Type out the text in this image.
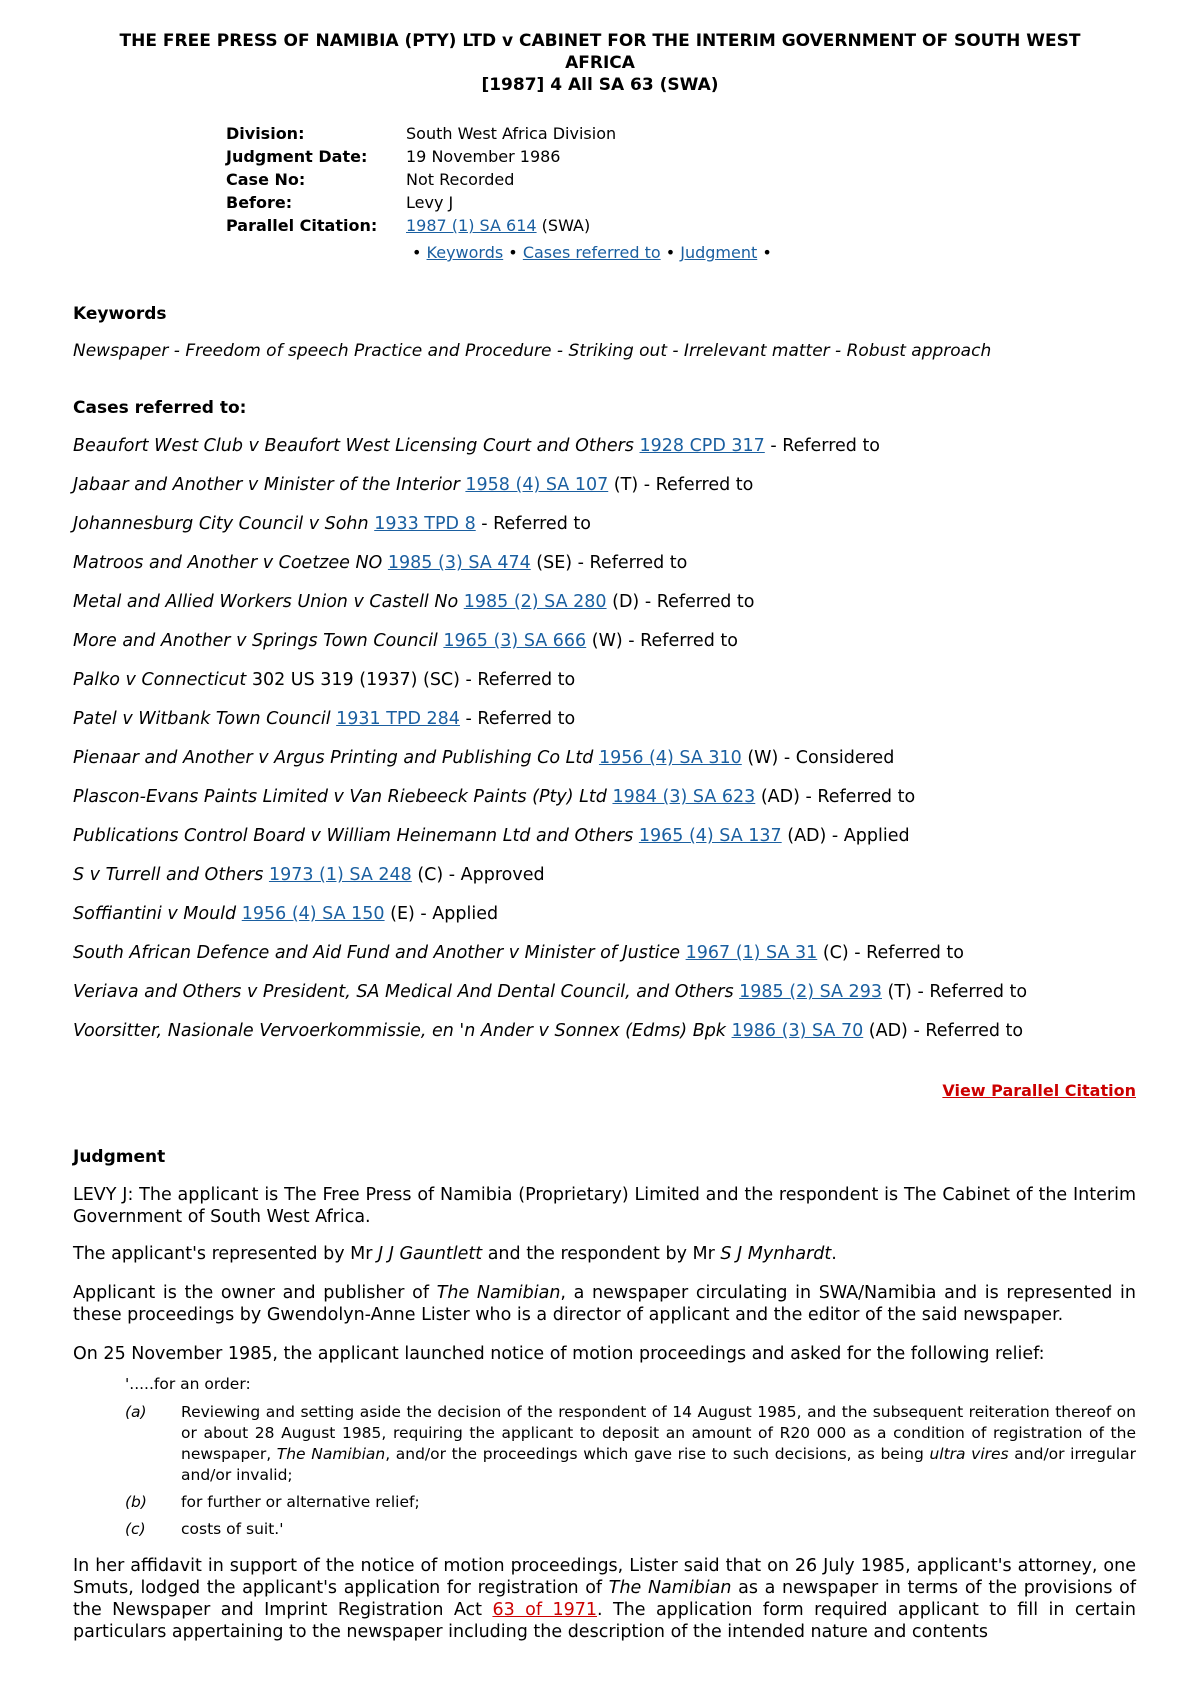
THE FREE PRESS OF NAMIBIA (PTY) LTD v CABINET FOR THE INTERIM GOVERNMENT OF SOUTH WEST
AFRICA
[1987] 4 All SA 63 (SWA)
Division:	South West Africa Division
Judgment Date:	19 November 1986
Case No:	Not Recorded
Before:	Levy J
Parallel Citation:	1987 (1) SA 614 (SWA)
• Keywords • Cases referred to • Judgment •
Keywords
Newspaper - Freedom of speech Practice and Procedure - Striking out - Irrelevant matter - Robust approach
Cases referred to:
Beaufort West Club v Beaufort West Licensing Court and Others 1928 CPD 317 - Referred to
Jabaar and Another v Minister of the Interior 1958 (4) SA 107 (T) - Referred to
Johannesburg City Council v Sohn 1933 TPD 8 - Referred to
Matroos and Another v Coetzee NO 1985 (3) SA 474 (SE) - Referred to
Metal and Allied Workers Union v Castell No 1985 (2) SA 280 (D) - Referred to
More and Another v Springs Town Council 1965 (3) SA 666 (W) - Referred to
Palko v Connecticut 302 US 319 (1937) (SC) - Referred to
Patel v Witbank Town Council 1931 TPD 284 - Referred to
Pienaar and Another v Argus Printing and Publishing Co Ltd 1956 (4) SA 310 (W) - Considered
Plascon-Evans Paints Limited v Van Riebeeck Paints (Pty) Ltd 1984 (3) SA 623 (AD) - Referred to
Publications Control Board v William Heinemann Ltd and Others 1965 (4) SA 137 (AD) - Applied
S v Turrell and Others 1973 (1) SA 248 (C) - Approved
Soffiantini v Mould 1956 (4) SA 150 (E) - Applied
South African Defence and Aid Fund and Another v Minister of Justice 1967 (1) SA 31 (C) - Referred to
Veriava and Others v President, SA Medical And Dental Council, and Others 1985 (2) SA 293 (T) - Referred to
Voorsitter, Nasionale Vervoerkommissie, en 'n Ander v Sonnex (Edms) Bpk 1986 (3) SA 70 (AD) - Referred to
View Parallel Citation
Judgment
LEVY J: The applicant is The Free Press of Namibia (Proprietary) Limited and the respondent is The Cabinet of the Interim Government of South West Africa.
The applicant's represented by Mr J J Gauntlett and the respondent by Mr S J Mynhardt.
Applicant is the owner and publisher of The Namibian, a newspaper circulating in SWA/Namibia and is represented in these proceedings by Gwendolyn-Anne Lister who is a director of applicant and the editor of the said newspaper.
On 25 November 1985, the applicant launched notice of motion proceedings and asked for the following relief:
'.....for an order:
(a)	Reviewing and setting aside the decision of the respondent of 14 August 1985, and the subsequent reiteration thereof on or about 28 August 1985, requiring the applicant to deposit an amount of R20 000 as a condition of registration of the newspaper, The Namibian, and/or the proceedings which gave rise to such decisions, as being ultra vires and/or irregular and/or invalid;
(b)	for further or alternative relief;
(c)	costs of suit.'
In her affidavit in support of the notice of motion proceedings, Lister said that on 26 July 1985, applicant's attorney, one Smuts, lodged the applicant's application for registration of The Namibian as a newspaper in terms of the provisions of the Newspaper and Imprint Registration Act 63 of 1971. The application form required applicant to fill in certain particulars appertaining to the newspaper including the description of the intended nature and contents
